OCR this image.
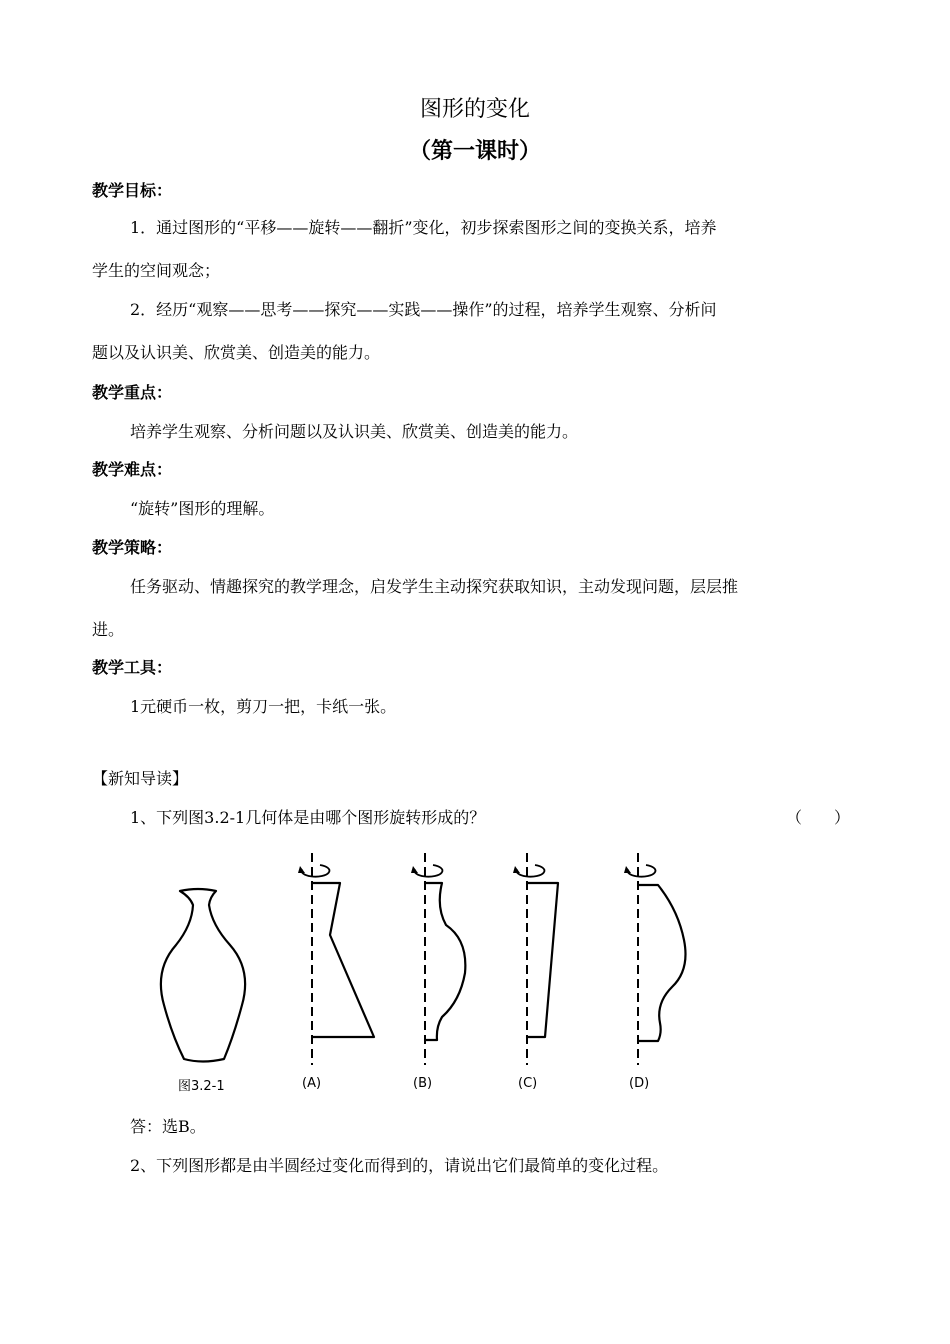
图形的变化
（第一课时）
教学目标：
1．通过图形的“平移——旋转——翻折”变化，初步探索图形之间的变换关系，培养
学生的空间观念；
2．经历“观察——思考——探究——实践——操作”的过程，培养学生观察、分析问
题以及认识美、欣赏美、创造美的能力。
教学重点：
培养学生观察、分析问题以及认识美、欣赏美、创造美的能力。
教学难点：
“旋转”图形的理解。
教学策略：
任务驱动、情趣探究的教学理念，启发学生主动探究获取知识，主动发现问题，层层推
进。
教学工具：
1元硬币一枚，剪刀一把，卡纸一张。
【新知导读】
1、下列图3.2-1几何体是由哪个图形旋转形成的？	（　　）
图3.2-1	(A)	(B)	(C)	(D)
答：选B。
2、下列图形都是由半圆经过变化而得到的，请说出它们最简单的变化过程。
